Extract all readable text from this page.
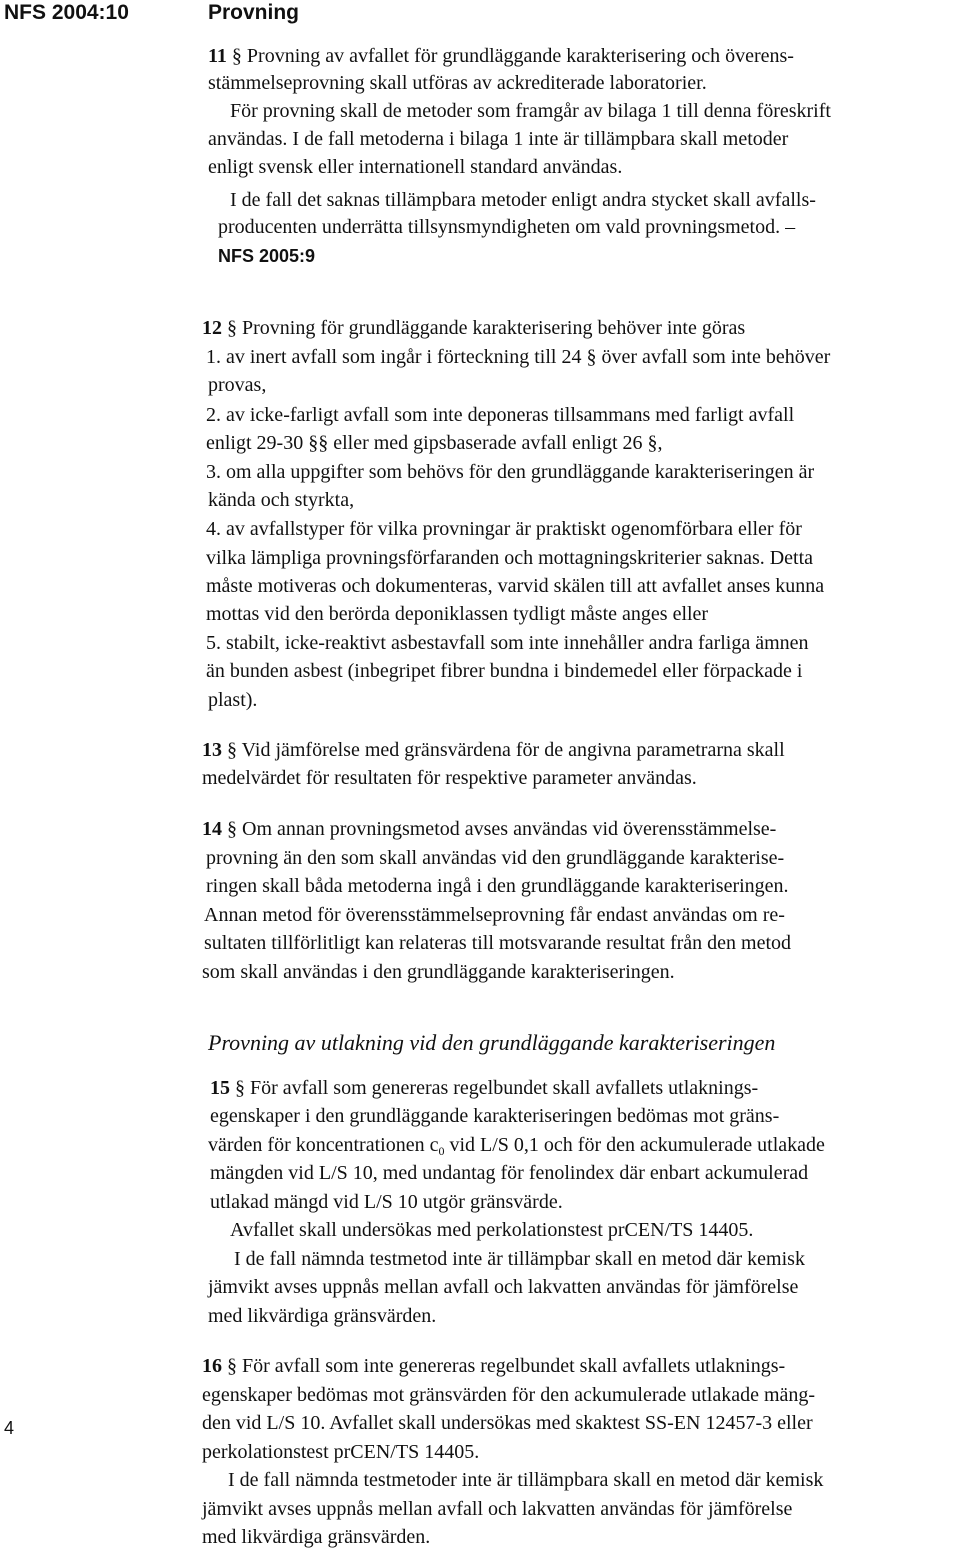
NFS 2004:10	Provning
11 § Provning av avfallet för grundläggande karakterisering och överens-
stämmelseprovning skall utföras av ackrediterade laboratorier.
För provning skall de metoder som framgår av bilaga 1 till denna föreskrift
användas. I de fall metoderna i bilaga 1 inte är tillämpbara skall metoder
enligt svensk eller internationell standard användas.
I de fall det saknas tillämpbara metoder enligt andra stycket skall avfalls-
producenten underrätta tillsynsmyndigheten om vald provningsmetod. –
NFS 2005:9
12 § Provning för grundläggande karakterisering behöver inte göras
1. av inert avfall som ingår i förteckning till 24 § över avfall som inte behöver
provas,
2. av icke-farligt avfall som inte deponeras tillsammans med farligt avfall
enligt 29-30 §§ eller med gipsbaserade avfall enligt 26 §,
3. om alla uppgifter som behövs för den grundläggande karakteriseringen är
kända och styrkta,
4. av avfallstyper för vilka provningar är praktiskt ogenomförbara eller för
vilka lämpliga provningsförfaranden och mottagningskriterier saknas. Detta
måste motiveras och dokumenteras, varvid skälen till att avfallet anses kunna
mottas vid den berörda deponiklassen tydligt måste anges eller
5. stabilt, icke-reaktivt asbestavfall som inte innehåller andra farliga ämnen
än bunden asbest (inbegripet fibrer bundna i bindemedel eller förpackade i
plast).
13 § Vid jämförelse med gränsvärdena för de angivna parametrarna skall
medelvärdet för resultaten för respektive parameter användas.
14 § Om annan provningsmetod avses användas vid överensstämmelse-
provning än den som skall användas vid den grundläggande karakterise-
ringen skall båda metoderna ingå i den grundläggande karakteriseringen.
Annan metod för överensstämmelseprovning får endast användas om re-
sultaten tillförlitligt kan relateras till motsvarande resultat från den metod
som skall användas i den grundläggande karakteriseringen.
Provning av utlakning vid den grundläggande karakteriseringen
15 § För avfall som genereras regelbundet skall avfallets utlaknings-
egenskaper i den grundläggande karakteriseringen bedömas mot gräns-
värden för koncentrationen $c_0$ vid L/S 0,1 och för den ackumulerade utlakade
mängden vid L/S 10, med undantag för fenolindex där enbart ackumulerad
utlakad mängd vid L/S 10 utgör gränsvärde.
Avfallet skall undersökas med perkolationstest prCEN/TS 14405.
I de fall nämnda testmetod inte är tillämpbar skall en metod där kemisk
jämvikt avses uppnås mellan avfall och lakvatten användas för jämförelse
med likvärdiga gränsvärden.
16 § För avfall som inte genereras regelbundet skall avfallets utlaknings-
egenskaper bedömas mot gränsvärden för den ackumulerade utlakade mäng-
den vid L/S 10. Avfallet skall undersökas med skaktest SS-EN 12457-3 eller
perkolationstest prCEN/TS 14405.
I de fall nämnda testmetoder inte är tillämpbara skall en metod där kemisk
jämvikt avses uppnås mellan avfall och lakvatten användas för jämförelse
med likvärdiga gränsvärden.
4
